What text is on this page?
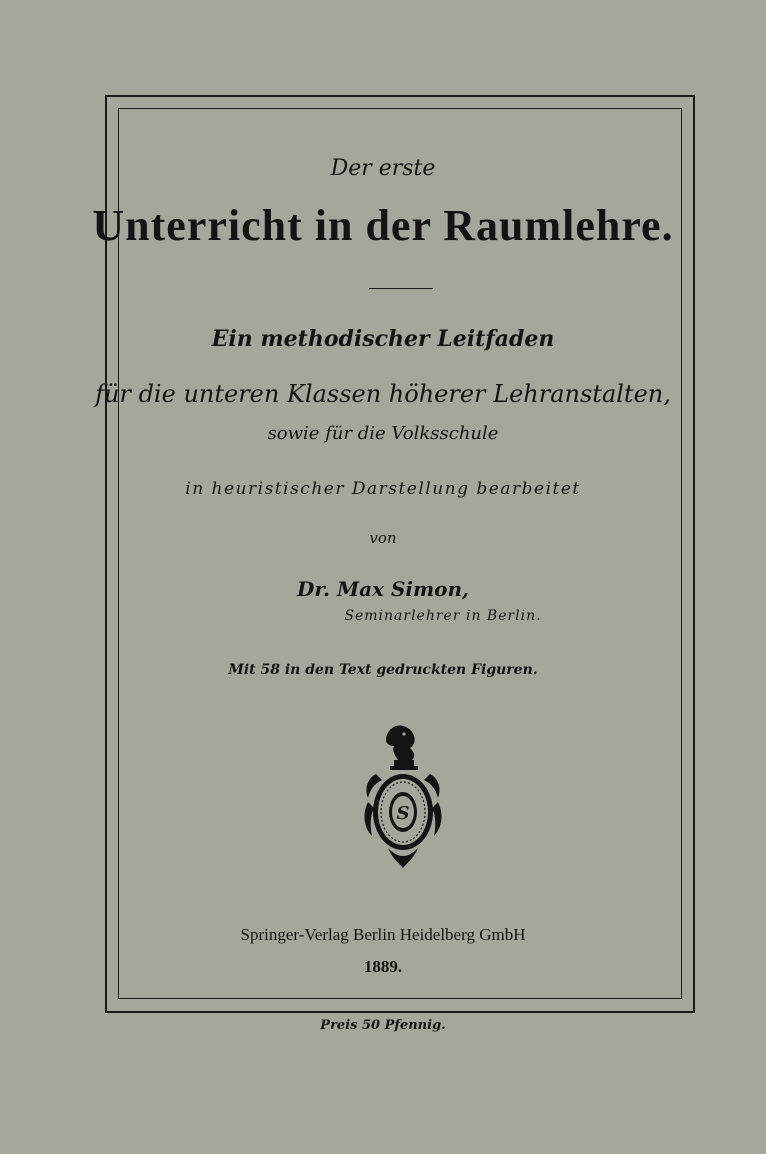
Der erste
Unterricht in der Raumlehre.
Ein methodischer Leitfaden
für die unteren Klassen höherer Lehranstalten,
sowie für die Volksschule
in heuristischer Darstellung bearbeitet
von
Dr. Max Simon,
Seminarlehrer in Berlin.
Mit 58 in den Text gedruckten Figuren.
S
Springer-Verlag Berlin Heidelberg GmbH
1889.
Preis 50 Pfennig.
